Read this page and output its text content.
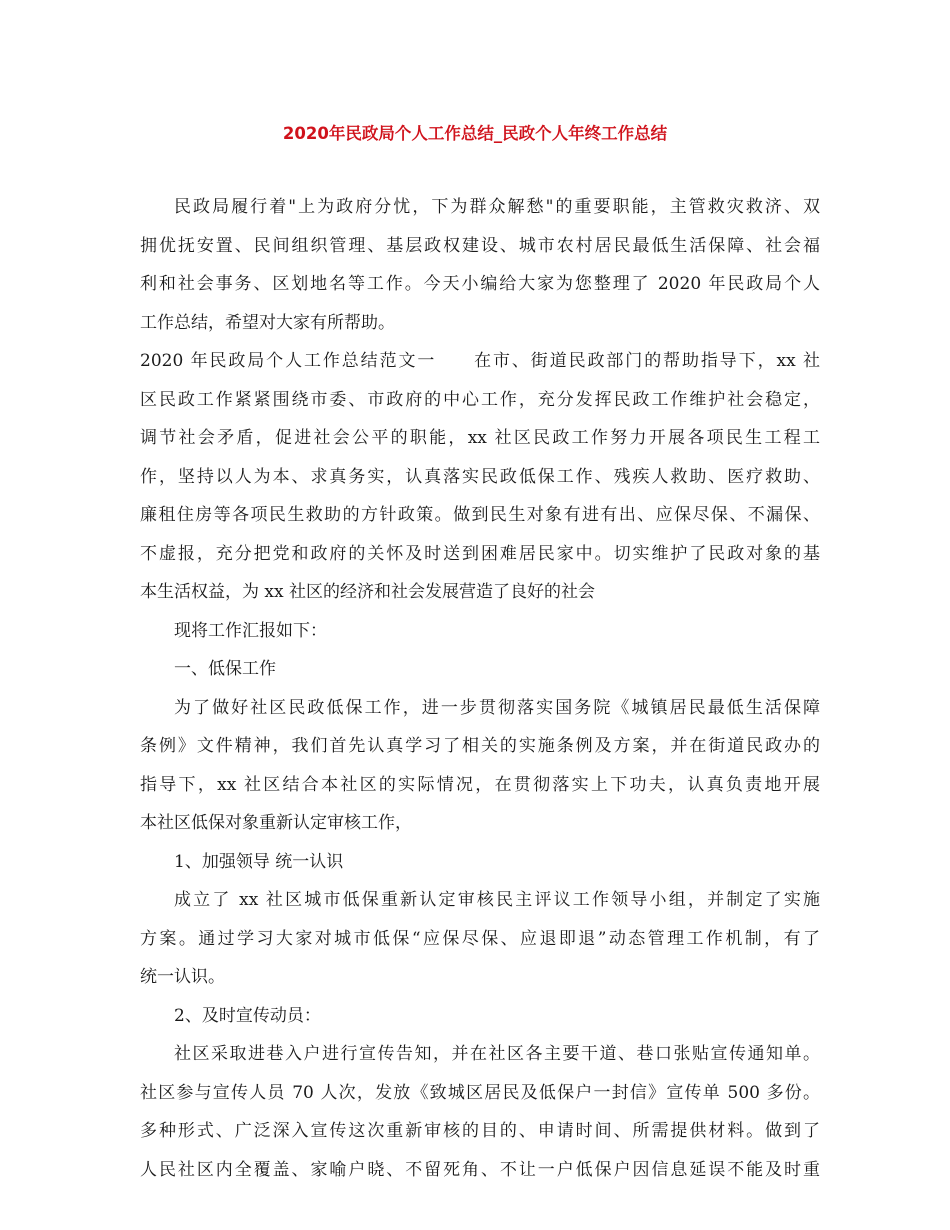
2020年民政局个人工作总结_民政个人年终工作总结
民政局履行着"上为政府分忧，下为群众解愁"的重要职能，主管救灾救济、双
拥优抚安置、民间组织管理、基层政权建设、城市农村居民最低生活保障、社会福
利和社会事务、区划地名等工作。今天小编给大家为您整理了 2020 年民政局个人
工作总结，希望对大家有所帮助。
2020 年民政局个人工作总结范文一　　在市、街道民政部门的帮助指导下，xx 社
区民政工作紧紧围绕市委、市政府的中心工作，充分发挥民政工作维护社会稳定，
调节社会矛盾，促进社会公平的职能，xx 社区民政工作努力开展各项民生工程工
作，坚持以人为本、求真务实，认真落实民政低保工作、残疾人救助、医疗救助、
廉租住房等各项民生救助的方针政策。做到民生对象有进有出、应保尽保、不漏保、
不虚报，充分把党和政府的关怀及时送到困难居民家中。切实维护了民政对象的基
本生活权益，为 xx 社区的经济和社会发展营造了良好的社会
现将工作汇报如下：
一、低保工作
为了做好社区民政低保工作，进一步贯彻落实国务院《城镇居民最低生活保障
条例》文件精神，我们首先认真学习了相关的实施条例及方案，并在街道民政办的
指导下，xx 社区结合本社区的实际情况，在贯彻落实上下功夫，认真负责地开展
本社区低保对象重新认定审核工作，
1、加强领导 统一认识
成立了 xx 社区城市低保重新认定审核民主评议工作领导小组，并制定了实施
方案。通过学习大家对城市低保“应保尽保、应退即退”动态管理工作机制，有了
统一认识。
2、及时宣传动员：
社区采取进巷入户进行宣传告知，并在社区各主要干道、巷口张贴宣传通知单。
社区参与宣传人员 70 人次，发放《致城区居民及低保户一封信》宣传单 500 多份。
多种形式、广泛深入宣传这次重新审核的目的、申请时间、所需提供材料。做到了
人民社区内全覆盖、家喻户晓、不留死角、不让一户低保户因信息延误不能及时重
